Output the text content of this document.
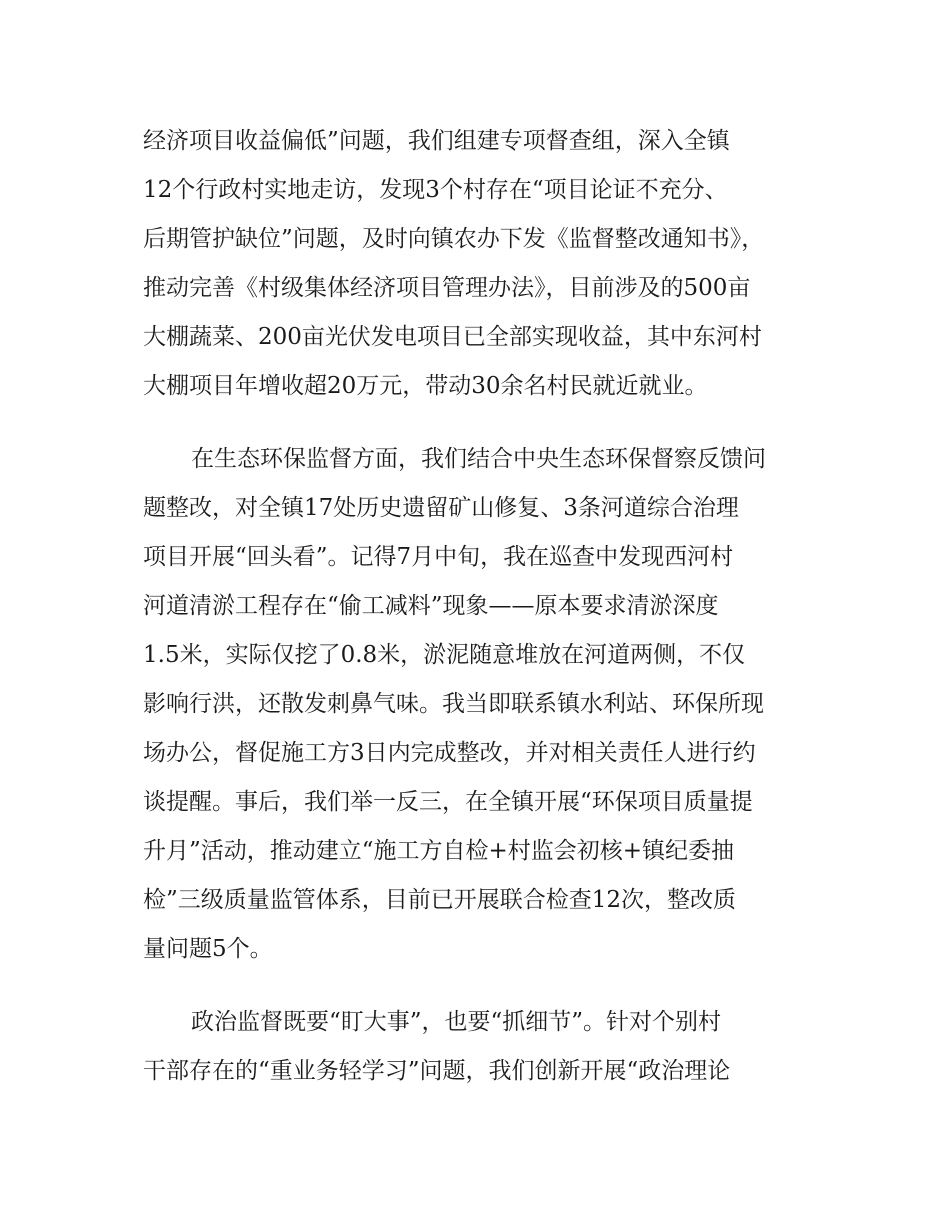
经济项目收益偏低”问题，我们组建专项督查组，深入全镇
12个行政村实地走访，发现3个村存在“项目论证不充分、
后期管护缺位”问题，及时向镇农办下发《监督整改通知书》，
推动完善《村级集体经济项目管理办法》，目前涉及的500亩
大棚蔬菜、200亩光伏发电项目已全部实现收益，其中东河村
大棚项目年增收超20万元，带动30余名村民就近就业。
在生态环保监督方面，我们结合中央生态环保督察反馈问
题整改，对全镇17处历史遗留矿山修复、3条河道综合治理
项目开展“回头看”。记得7月中旬，我在巡查中发现西河村
河道清淤工程存在“偷工减料”现象——原本要求清淤深度
1.5米，实际仅挖了0.8米，淤泥随意堆放在河道两侧，不仅
影响行洪，还散发刺鼻气味。我当即联系镇水利站、环保所现
场办公，督促施工方3日内完成整改，并对相关责任人进行约
谈提醒。事后，我们举一反三，在全镇开展“环保项目质量提
升月”活动，推动建立“施工方自检+村监会初核+镇纪委抽
检”三级质量监管体系，目前已开展联合检查12次，整改质
量问题5个。
政治监督既要“盯大事”，也要“抓细节”。针对个别村
干部存在的“重业务轻学习”问题，我们创新开展“政治理论
